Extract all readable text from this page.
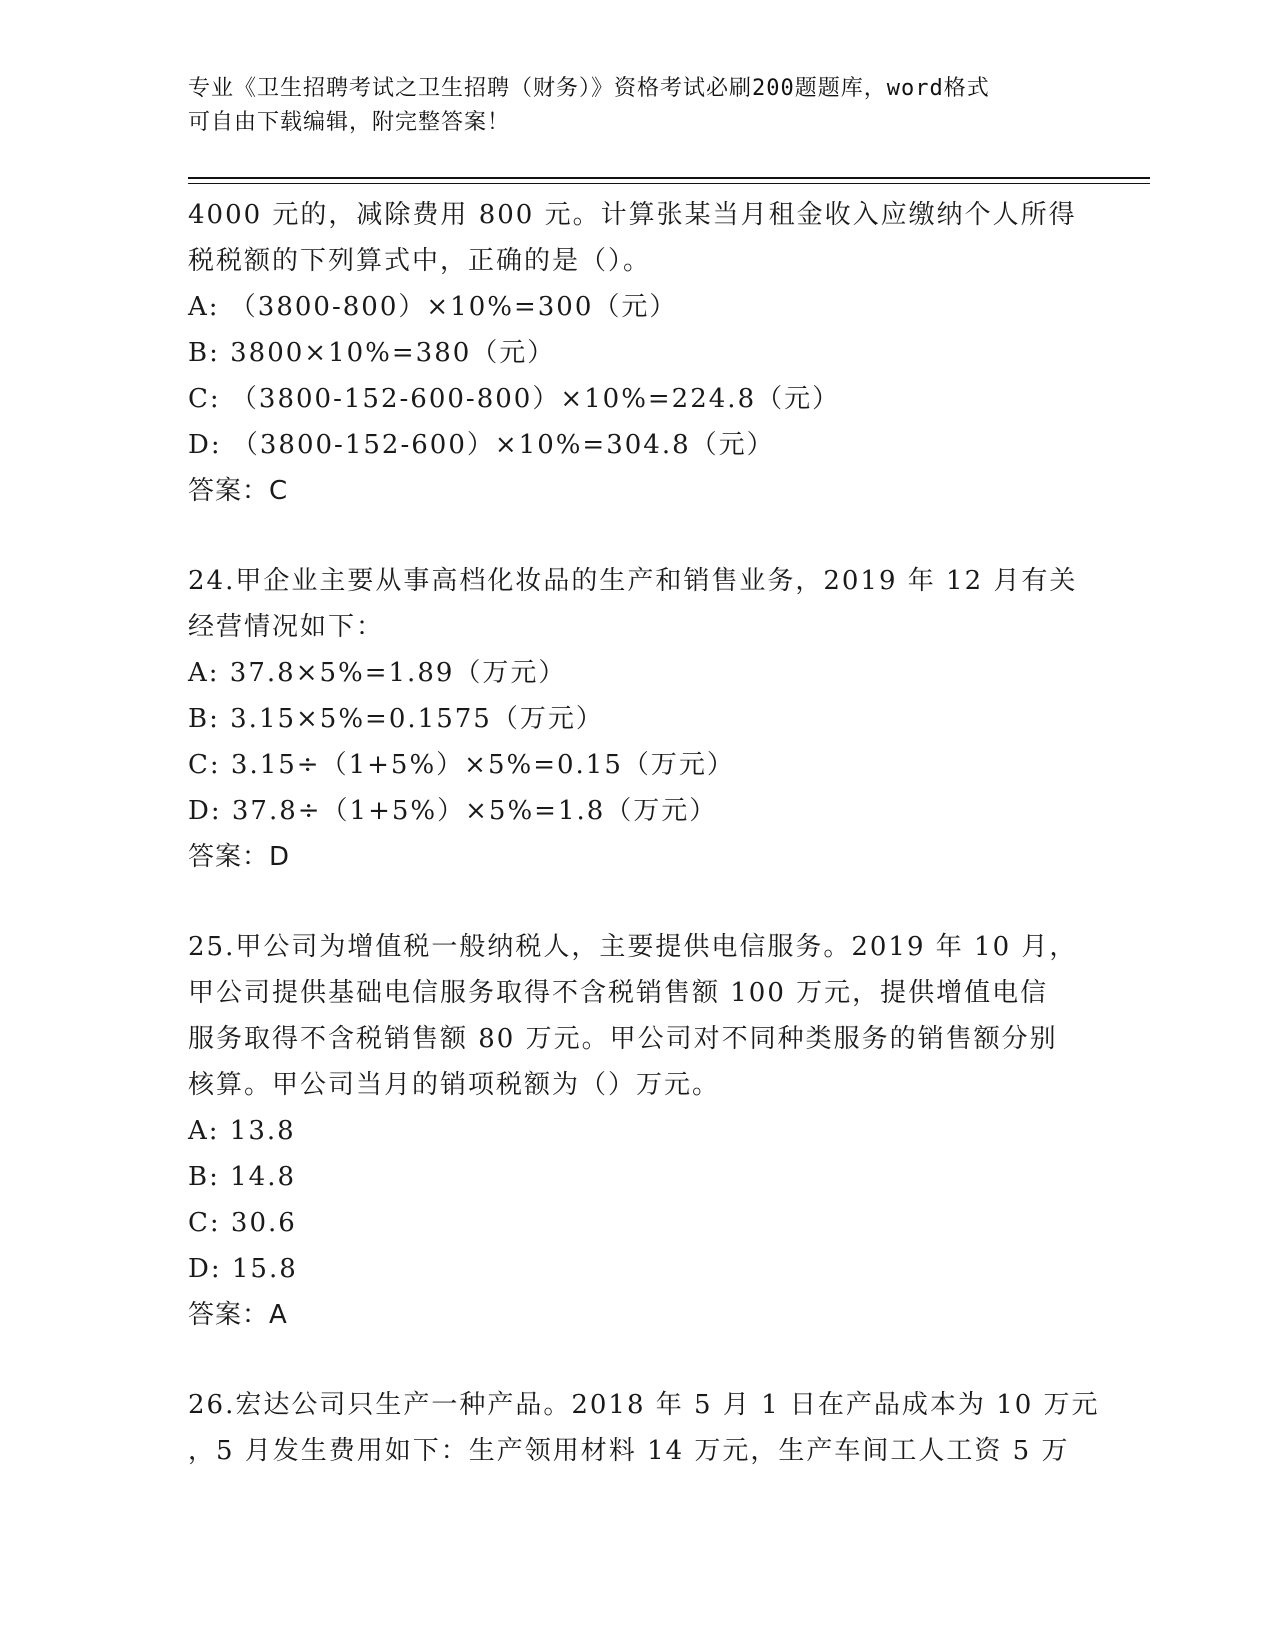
专业《卫生招聘考试之卫生招聘（财务）》资格考试必刷200题题库，word格式
可自由下载编辑，附完整答案！
4000 元的，减除费用 800 元。计算张某当月租金收入应缴纳个人所得
税税额的下列算式中，正确的是（）。
A: （3800-800）×10%=300（元）
B: 3800×10%=380（元）
C: （3800-152-600-800）×10%=224.8（元）
D: （3800-152-600）×10%=304.8（元）
答案：C
24.甲企业主要从事高档化妆品的生产和销售业务，2019 年 12 月有关
经营情况如下：
A: 37.8×5%=1.89（万元）
B: 3.15×5%=0.1575（万元）
C: 3.15÷（1+5%）×5%=0.15（万元）
D: 37.8÷（1+5%）×5%=1.8（万元）
答案：D
25.甲公司为增值税一般纳税人，主要提供电信服务。2019 年 10 月，
甲公司提供基础电信服务取得不含税销售额 100 万元，提供增值电信
服务取得不含税销售额 80 万元。甲公司对不同种类服务的销售额分别
核算。甲公司当月的销项税额为（）万元。
A: 13.8
B: 14.8
C: 30.6
D: 15.8
答案：A
26.宏达公司只生产一种产品。2018 年 5 月 1 日在产品成本为 10 万元
，5 月发生费用如下：生产领用材料 14 万元，生产车间工人工资 5 万
